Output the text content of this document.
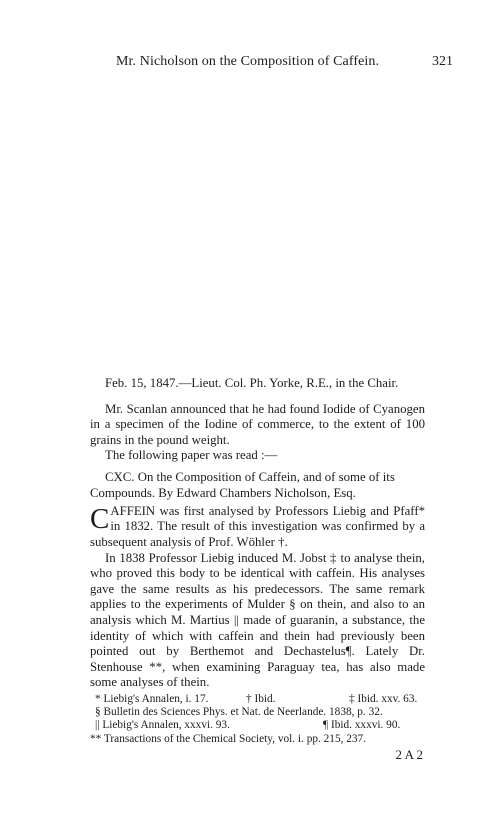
Mr. Nicholson on the Composition of Caffein.	321

Feb. 15, 1847.—Lieut. Col. Ph. Yorke, R.E., in the Chair.

Mr. Scanlan announced that he had found Iodide of Cyanogen in a specimen of the Iodine of commerce, to the extent of 100 grains in the pound weight.

The following paper was read :—

CXC. On the Composition of Caffein, and of some of its
Compounds. By Edward Chambers Nicholson, Esq.

CAFFEIN was first analysed by Professors Liebig and Pfaff* in 1832. The result of this investigation was confirmed by a subsequent analysis of Prof. Wöhler †.

In 1838 Professor Liebig induced M. Jobst ‡ to analyse thein, who proved this body to be identical with caffein. His analyses gave the same results as his predecessors. The same remark applies to the experiments of Mulder § on thein, and also to an analysis which M. Martius || made of guaranin, a substance, the identity of which with caffein and thein had previously been pointed out by Berthemot and Dechastelus¶. Lately Dr. Stenhouse **, when examining Paraguay tea, has also made some analyses of thein.

* Liebig's Annalen, i. 17.	† Ibid.	‡ Ibid. xxv. 63.

§ Bulletin des Sciences Phys. et Nat. de Neerlande. 1838, p. 32.

|| Liebig's Annalen, xxxvi. 93.	¶ Ibid. xxxvi. 90.

** Transactions of the Chemical Society, vol. i. pp. 215, 237.

2 A 2
